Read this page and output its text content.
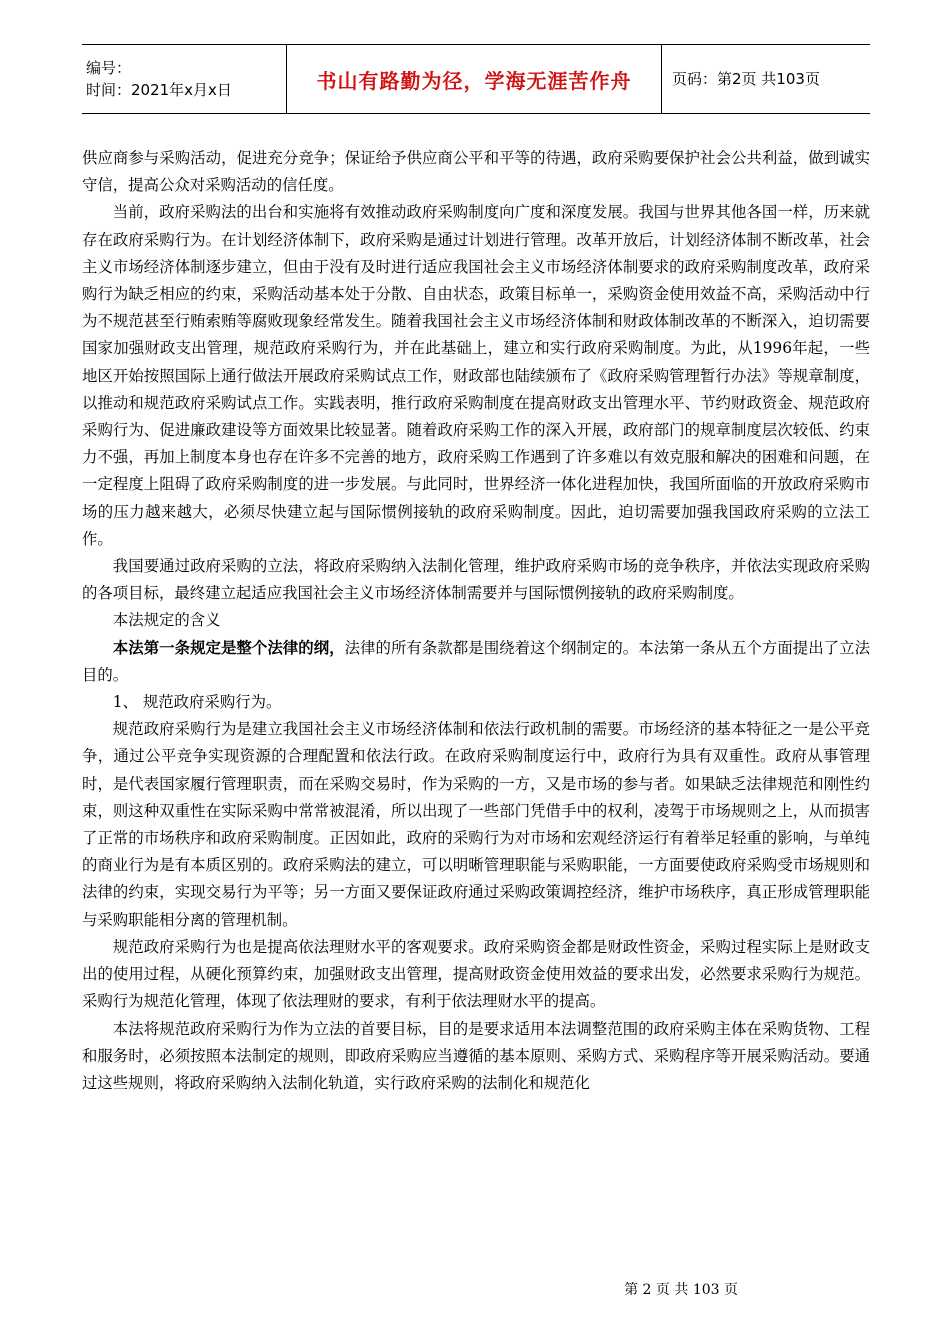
编号：
时间：2021年x月x日	书山有路勤为径，学海无涯苦作舟	页码：第2页 共103页

供应商参与采购活动，促进充分竞争；保证给予供应商公平和平等的待遇，政府采购要保护社会公共利益，做到诚实守信，提高公众对采购活动的信任度。

当前，政府采购法的出台和实施将有效推动政府采购制度向广度和深度发展。我国与世界其他各国一样，历来就存在政府采购行为。在计划经济体制下，政府采购是通过计划进行管理。改革开放后，计划经济体制不断改革，社会主义市场经济体制逐步建立，但由于没有及时进行适应我国社会主义市场经济体制要求的政府采购制度改革，政府采购行为缺乏相应的约束，采购活动基本处于分散、自由状态，政策目标单一，采购资金使用效益不高，采购活动中行为不规范甚至行贿索贿等腐败现象经常发生。随着我国社会主义市场经济体制和财政体制改革的不断深入，迫切需要国家加强财政支出管理，规范政府采购行为，并在此基础上，建立和实行政府采购制度。为此，从1996年起，一些地区开始按照国际上通行做法开展政府采购试点工作，财政部也陆续颁布了《政府采购管理暂行办法》等规章制度，以推动和规范政府采购试点工作。实践表明，推行政府采购制度在提高财政支出管理水平、节约财政资金、规范政府采购行为、促进廉政建设等方面效果比较显著。随着政府采购工作的深入开展，政府部门的规章制度层次较低、约束力不强，再加上制度本身也存在许多不完善的地方，政府采购工作遇到了许多难以有效克服和解决的困难和问题，在一定程度上阻碍了政府采购制度的进一步发展。与此同时，世界经济一体化进程加快，我国所面临的开放政府采购市场的压力越来越大，必须尽快建立起与国际惯例接轨的政府采购制度。因此，迫切需要加强我国政府采购的立法工作。

我国要通过政府采购的立法，将政府采购纳入法制化管理，维护政府采购市场的竞争秩序，并依法实现政府采购的各项目标，最终建立起适应我国社会主义市场经济体制需要并与国际惯例接轨的政府采购制度。

本法规定的含义

本法第一条规定是整个法律的纲，法律的所有条款都是围绕着这个纲制定的。本法第一条从五个方面提出了立法目的。

1、 规范政府采购行为。

规范政府采购行为是建立我国社会主义市场经济体制和依法行政机制的需要。市场经济的基本特征之一是公平竞争，通过公平竞争实现资源的合理配置和依法行政。在政府采购制度运行中，政府行为具有双重性。政府从事管理时，是代表国家履行管理职责，而在采购交易时，作为采购的一方，又是市场的参与者。如果缺乏法律规范和刚性约束，则这种双重性在实际采购中常常被混淆，所以出现了一些部门凭借手中的权利，凌驾于市场规则之上，从而损害了正常的市场秩序和政府采购制度。正因如此，政府的采购行为对市场和宏观经济运行有着举足轻重的影响，与单纯的商业行为是有本质区别的。政府采购法的建立，可以明晰管理职能与采购职能，一方面要使政府采购受市场规则和法律的约束，实现交易行为平等；另一方面又要保证政府通过采购政策调控经济，维护市场秩序，真正形成管理职能与采购职能相分离的管理机制。

规范政府采购行为也是提高依法理财水平的客观要求。政府采购资金都是财政性资金，采购过程实际上是财政支出的使用过程，从硬化预算约束，加强财政支出管理，提高财政资金使用效益的要求出发，必然要求采购行为规范。采购行为规范化管理，体现了依法理财的要求，有利于依法理财水平的提高。

本法将规范政府采购行为作为立法的首要目标，目的是要求适用本法调整范围的政府采购主体在采购货物、工程和服务时，必须按照本法制定的规则，即政府采购应当遵循的基本原则、采购方式、采购程序等开展采购活动。要通过这些规则，将政府采购纳入法制化轨道，实行政府采购的法制化和规范化

第 2 页 共 103 页
